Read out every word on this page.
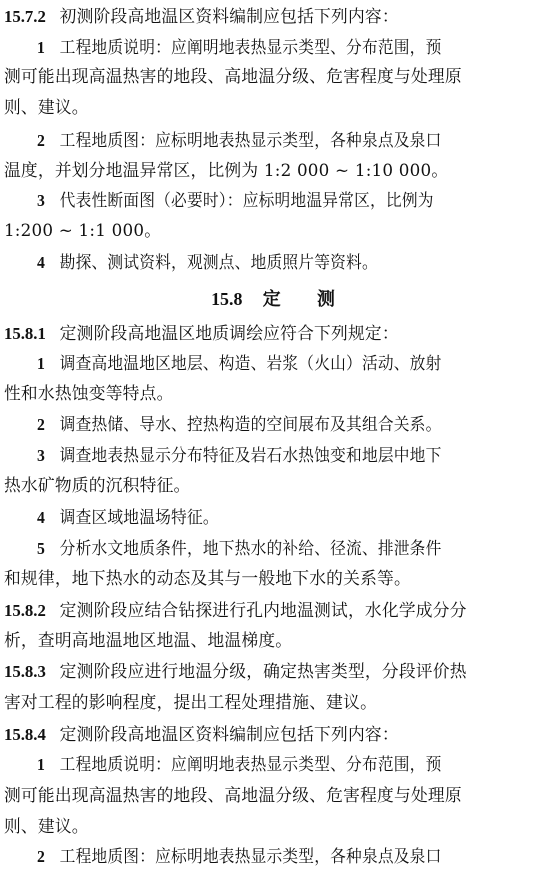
15.7.2 初测阶段高地温区资料编制应包括下列内容：
1 工程地质说明：应阐明地表热显示类型、分布范围，预
测可能出现高温热害的地段、高地温分级、危害程度与处理原
则、建议。
2 工程地质图：应标明地表热显示类型，各种泉点及泉口
温度，并划分地温异常区，比例为 1:2 000 ~ 1:10 000。
3 代表性断面图（必要时）：应标明地温异常区，比例为
1:200 ~ 1:1 000。
4 勘探、测试资料，观测点、地质照片等资料。
15.8 定　　测
15.8.1 定测阶段高地温区地质调绘应符合下列规定：
1 调查高地温地区地层、构造、岩浆（火山）活动、放射
性和水热蚀变等特点。
2 调查热储、导水、控热构造的空间展布及其组合关系。
3 调查地表热显示分布特征及岩石水热蚀变和地层中地下
热水矿物质的沉积特征。
4 调查区域地温场特征。
5 分析水文地质条件，地下热水的补给、径流、排泄条件
和规律，地下热水的动态及其与一般地下水的关系等。
15.8.2 定测阶段应结合钻探进行孔内地温测试，水化学成分分
析，查明高地温地区地温、地温梯度。
15.8.3 定测阶段应进行地温分级，确定热害类型，分段评价热
害对工程的影响程度，提出工程处理措施、建议。
15.8.4 定测阶段高地温区资料编制应包括下列内容：
1 工程地质说明：应阐明地表热显示类型、分布范围，预
测可能出现高温热害的地段、高地温分级、危害程度与处理原
则、建议。
2 工程地质图：应标明地表热显示类型，各种泉点及泉口
